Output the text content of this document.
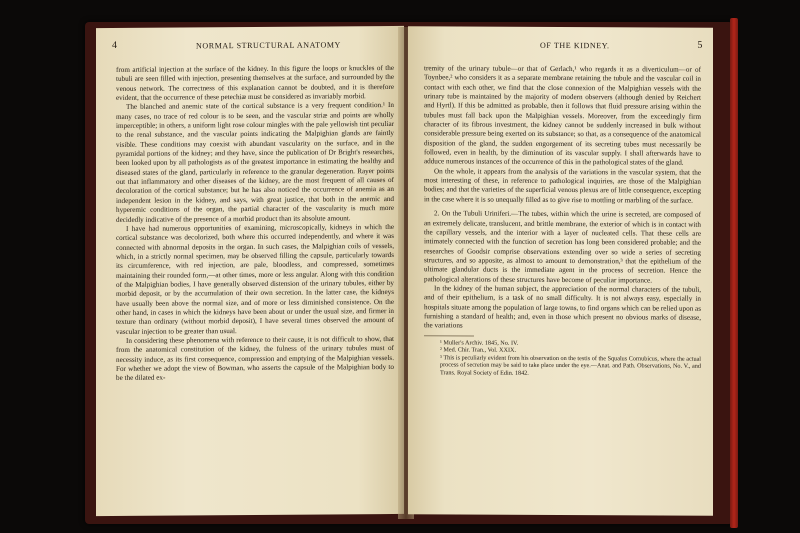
4	NORMAL STRUCTURAL ANATOMY

from artificial injection at the surface of the kidney. In this figure the loops or knuckles of the tubuli are seen filled with injection, presenting themselves at the surface, and surrounded by the venous network. The correctness of this explanation cannot be doubted, and it is therefore evident, that the occurrence of these petechiæ must be considered as invariably morbid.

The blanched and anemic state of the cortical substance is a very frequent condition.¹ In many cases, no trace of red colour is to be seen, and the vascular striæ and points are wholly imperceptible; in others, a uniform light rose colour mingles with the pale yellowish tint peculiar to the renal substance, and the vascular points indicating the Malpighian glands are faintly visible. These conditions may coexist with abundant vascularity on the surface, and in the pyramidal portions of the kidney; and they have, since the publication of Dr Bright's researches, been looked upon by all pathologists as of the greatest importance in estimating the healthy and diseased states of the gland, particularly in reference to the granular degeneration. Rayer points out that inflammatory and other diseases of the kidney, are the most frequent of all causes of decoloration of the cortical substance; but he has also noticed the occurrence of anemia as an independent lesion in the kidney, and says, with great justice, that both in the anemic and hyperemic conditions of the organ, the partial character of the vascularity is much more decidedly indicative of the presence of a morbid product than its absolute amount.

I have had numerous opportunities of examining, microscopically, kidneys in which the cortical substance was decolorized, both where this occurred independently, and where it was connected with abnormal deposits in the organ. In such cases, the Malpighian coils of vessels, which, in a strictly normal specimen, may be observed filling the capsule, particularly towards its circumference, with red injection, are pale, bloodless, and compressed, sometimes maintaining their rounded form,—at other times, more or less angular. Along with this condition of the Malpighian bodies, I have generally observed distension of the urinary tubules, either by morbid deposit, or by the accumulation of their own secretion. In the latter case, the kidneys have usually been above the normal size, and of more or less diminished consistence. On the other hand, in cases in which the kidneys have been about or under the usual size, and firmer in texture than ordinary (without morbid deposit), I have several times observed the amount of vascular injection to be greater than usual.

In considering these phenomena with reference to their cause, it is not difficult to show, that from the anatomical constitution of the kidney, the fulness of the urinary tubules must of necessity induce, as its first consequence, compression and emptying of the Malpighian vessels. For whether we adopt the view of Bowman, who asserts the capsule of the Malpighian body to be the dilated ex-

OF THE KIDNEY.	5

tremity of the urinary tubule—or that of Gerlach,¹ who regards it as a diverticulum—or of Toynbee,² who considers it as a separate membrane retaining the tubule and the vascular coil in contact with each other, we find that the close connexion of the Malpighian vessels with the urinary tube is maintained by the majority of modern observers (although denied by Reichert and Hyrtl). If this be admitted as probable, then it follows that fluid pressure arising within the tubules must fall back upon the Malpighian vessels. Moreover, from the exceedingly firm character of its fibrous investment, the kidney cannot be suddenly increased in bulk without considerable pressure being exerted on its substance; so that, as a consequence of the anatomical disposition of the gland, the sudden engorgement of its secreting tubes must necessarily be followed, even in health, by the diminution of its vascular supply. I shall afterwards have to adduce numerous instances of the occurrence of this in the pathological states of the gland.

On the whole, it appears from the analysis of the variations in the vascular system, that the most interesting of these, in reference to pathological inquiries, are those of the Malpighian bodies; and that the varieties of the superficial venous plexus are of little consequence, excepting in the case where it is so unequally filled as to give rise to mottling or marbling of the surface.

2. On the Tubuli Uriniferi.—The tubes, within which the urine is secreted, are composed of an extremely delicate, translucent, and brittle membrane, the exterior of which is in contact with the capillary vessels, and the interior with a layer of nucleated cells. That these cells are intimately connected with the function of secretion has long been considered probable; and the researches of Goodsir comprise observations extending over so wide a series of secreting structures, and so apposite, as almost to amount to demonstration,³ that the epithelium of the ultimate glandular ducts is the immediate agent in the process of secretion. Hence the pathological alterations of these structures have become of peculiar importance.

In the kidney of the human subject, the appreciation of the normal characters of the tubuli, and of their epithelium, is a task of no small difficulty. It is not always easy, especially in hospitals situate among the population of large towns, to find organs which can be relied upon as furnishing a standard of health; and, even in those which present no obvious marks of disease, the variations

¹ Muller's Archiv. 1845, No. IV.
² Med. Chir. Tran., Vol. XXIX.
³ This is peculiarly evident from his observation on the testis of the Squalus Cornubicus, where the actual process of secretion may be said to take place under the eye.—Anat. and Path. Observations, No. V., and Trans. Royal Society of Edin. 1842.
